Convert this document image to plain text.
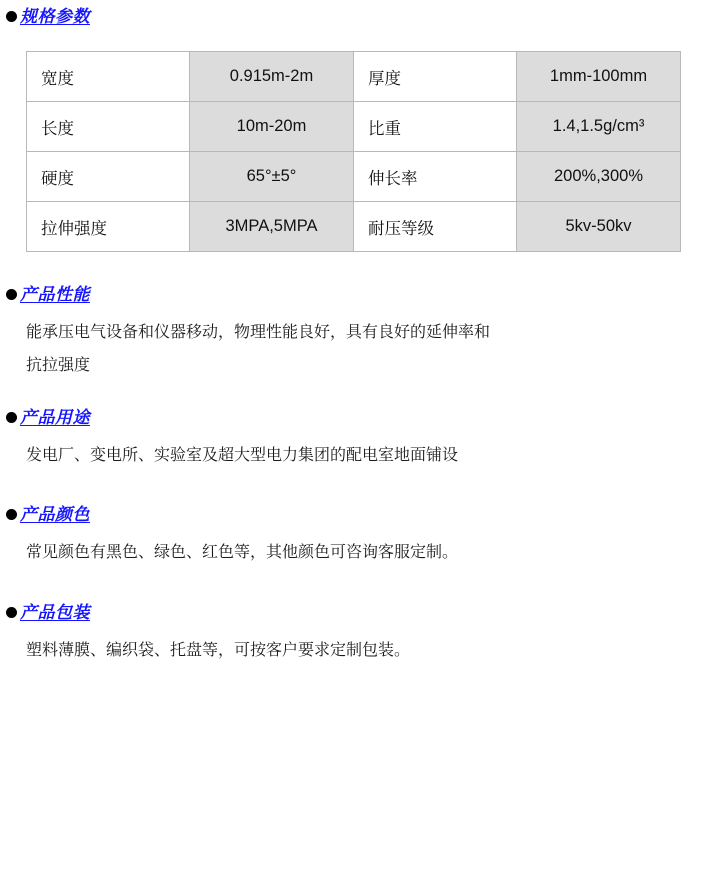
规格参数
宽度	0.915m-2m	厚度	1mm-100mm
长度	10m-20m	比重	1.4,1.5g/cm³
硬度	65°±5°	伸长率	200%,300%
拉伸强度	3MPA,5MPA	耐压等级	5kv-50kv
产品性能
能承压电气设备和仪器移动，物理性能良好，具有良好的延伸率和
抗拉强度
产品用途
发电厂、变电所、实验室及超大型电力集团的配电室地面铺设
产品颜色
常见颜色有黑色、绿色、红色等，其他颜色可咨询客服定制。
产品包装
塑料薄膜、编织袋、托盘等，可按客户要求定制包装。
